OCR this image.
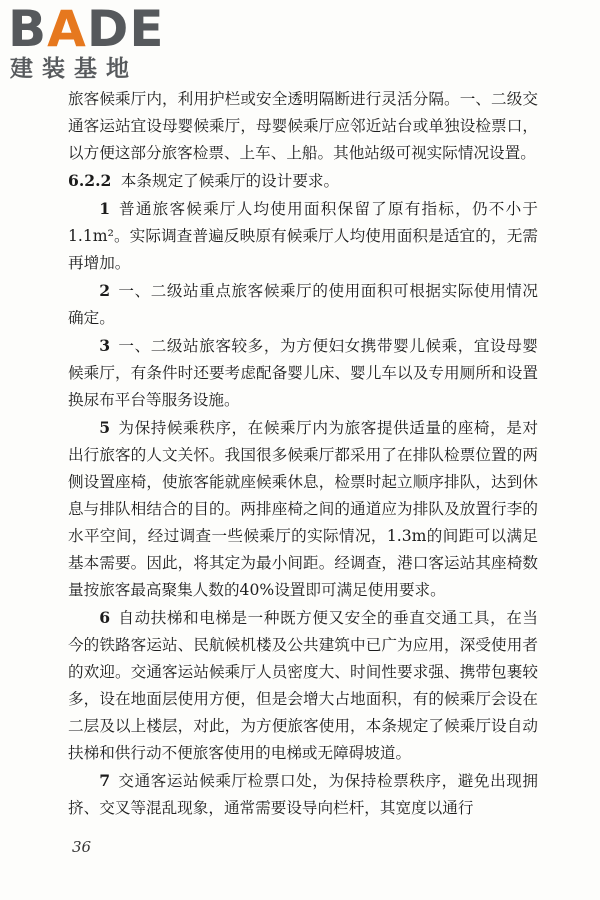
BADE
建装基地

旅客候乘厅内，利用护栏或安全透明隔断进行灵活分隔。一、二级交通客运站宜设母婴候乘厅，母婴候乘厅应邻近站台或单独设检票口，以方便这部分旅客检票、上车、上船。其他站级可视实际情况设置。

6.2.2 本条规定了候乘厅的设计要求。

1 普通旅客候乘厅人均使用面积保留了原有指标，仍不小于1.1m²。实际调查普遍反映原有候乘厅人均使用面积是适宜的，无需再增加。

2 一、二级站重点旅客候乘厅的使用面积可根据实际使用情况确定。

3 一、二级站旅客较多，为方便妇女携带婴儿候乘，宜设母婴候乘厅，有条件时还要考虑配备婴儿床、婴儿车以及专用厕所和设置换尿布平台等服务设施。

5 为保持候乘秩序，在候乘厅内为旅客提供适量的座椅，是对出行旅客的人文关怀。我国很多候乘厅都采用了在排队检票位置的两侧设置座椅，使旅客能就座候乘休息，检票时起立顺序排队，达到休息与排队相结合的目的。两排座椅之间的通道应为排队及放置行李的水平空间，经过调查一些候乘厅的实际情况，1.3m的间距可以满足基本需要。因此，将其定为最小间距。经调查，港口客运站其座椅数量按旅客最高聚集人数的40%设置即可满足使用要求。

6 自动扶梯和电梯是一种既方便又安全的垂直交通工具，在当今的铁路客运站、民航候机楼及公共建筑中已广为应用，深受使用者的欢迎。交通客运站候乘厅人员密度大、时间性要求强、携带包裹较多，设在地面层使用方便，但是会增大占地面积，有的候乘厅会设在二层及以上楼层，对此，为方便旅客使用，本条规定了候乘厅设自动扶梯和供行动不便旅客使用的电梯或无障碍坡道。

7 交通客运站候乘厅检票口处，为保持检票秩序，避免出现拥挤、交叉等混乱现象，通常需要设导向栏杆，其宽度以通行

36
